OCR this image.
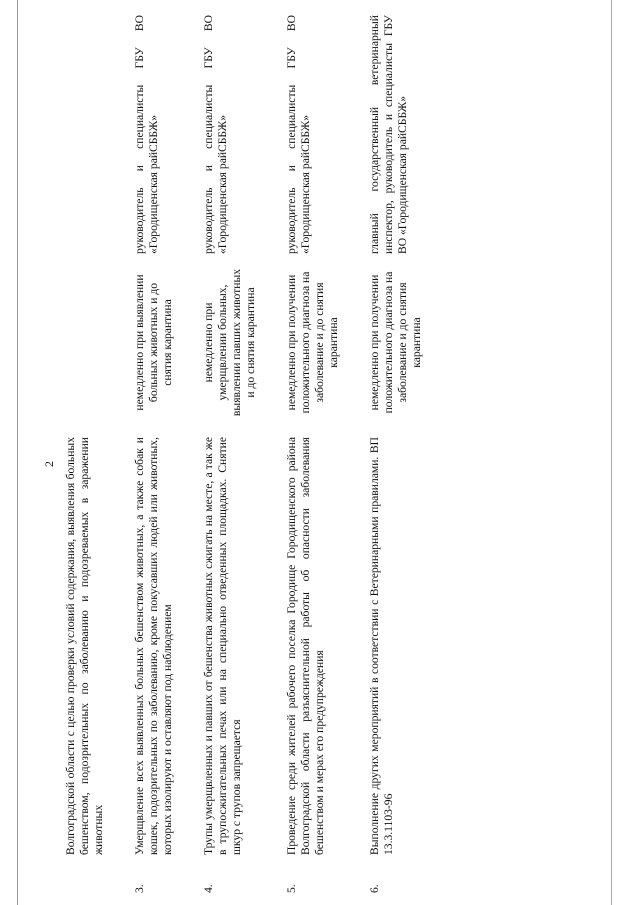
2
	Волгоградской области с целью проверки условий содержания, выявления больных бешенством, подозрительных по заболеванию и подозреваемых в заражении животных		
3.	Умерщвление всех выявленных больных бешенством животных, а также собак и кошек, подозрительных по заболеванию, кроме покусавших людей или животных, которых изолируют и оставляют под наблюдением	немедленно при выявлении больных животных и до снятия карантина	руководитель и специалисты ГБУ ВО «Городищенская райСББЖ»
4.	Трупы умерщвленных и павших от бешенства животных сжигать на месте, а так же в трупосжигательных печах или на специально отведенных площадках. Снятие шкур с трупов запрещается	немедленно при умерщвлении больных, выявлении павших животных и до снятия карантина	руководитель и специалисты ГБУ ВО «Городищенская райСББЖ»
5.	Проведение среди жителей рабочего поселка Городище Городищенского района Волгоградской области разъяснительной работы об опасности заболевания бешенством и мерах его предупреждения	немедленно при получении положительного диагноза на заболевание и до снятия карантина	руководитель и специалисты ГБУ ВО «Городищенская райСББЖ»
6.	Выполнение других мероприятий в соответствии с Ветеринарными правилами. ВП 13.3.1103-96	немедленно при получении положительного диагноза на заболевание и до снятия карантина	главный государственный ветеринарный инспектор, руководитель и специалисты ГБУ ВО «Городищенская райСББЖ»
